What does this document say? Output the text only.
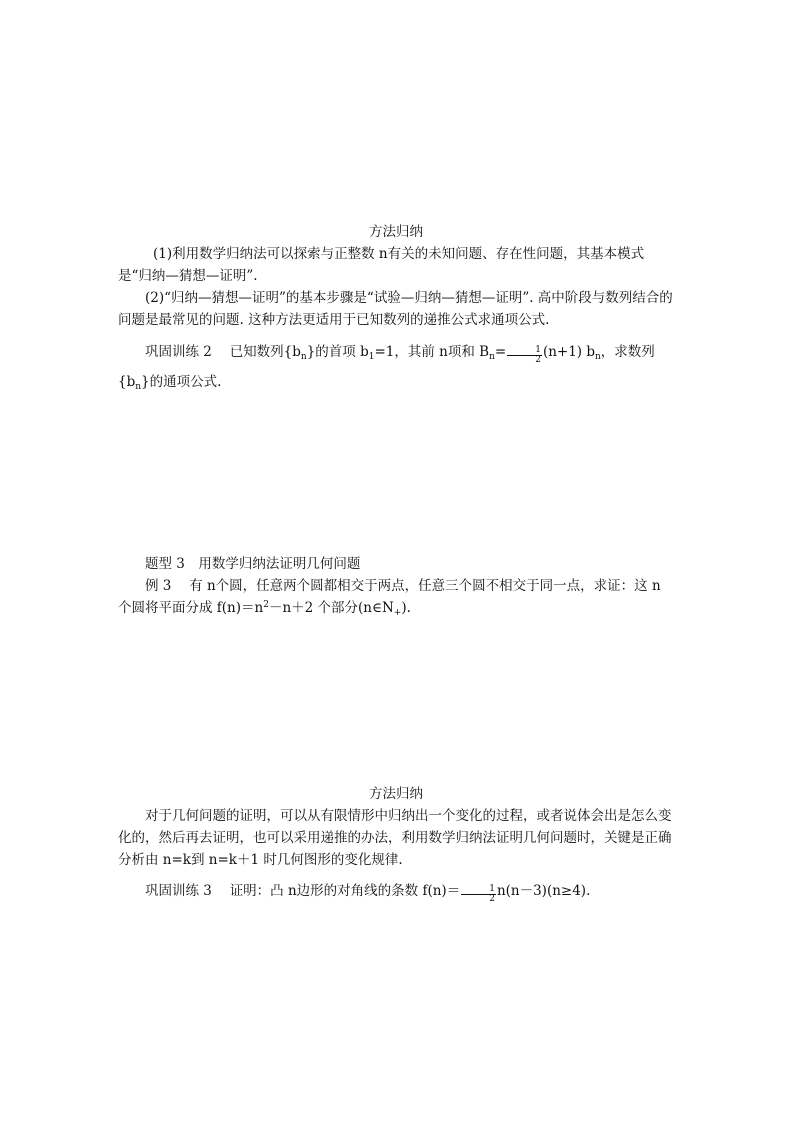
方法归纳

(1)利用数学归纳法可以探索与正整数 n有关的未知问题、存在性问题，其基本模式是“归纳—猜想—证明”.

(2)“归纳—猜想—证明”的基本步骤是“试验—归纳—猜想—证明”. 高中阶段与数列结合的问题是最常见的问题. 这种方法更适用于已知数列的递推公式求通项公式.

巩固训练 2 　 已知数列$\{b_n\}$的首项 $b_1=1$，其前 n项和 $B_n= \frac{1}{2} (n+1)$ $b_n$，求数列$\{b_n\}$的通项公式.
题型 3　用数学归纳法证明几何问题
例 3 　 有 n个圆，任意两个圆都相交于两点，任意三个圆不相交于同一点，求证：这 n个圆将平面分成 $f(n)=n^2-n+2$ 个部分$(n\in N_+)$.
方法归纳

对于几何问题的证明，可以从有限情形中归纳出一个变化的过程，或者说体会出是怎么变化的，然后再去证明，也可以采用递推的办法，利用数学归纳法证明几何问题时，关键是正确分析由 n=k到 n=k＋1 时几何图形的变化规律.

巩固训练 3 　 证明：凸 n边形的对角线的条数 $f(n)= \frac{1}{2} n(n-3)(n\ge 4)$.
